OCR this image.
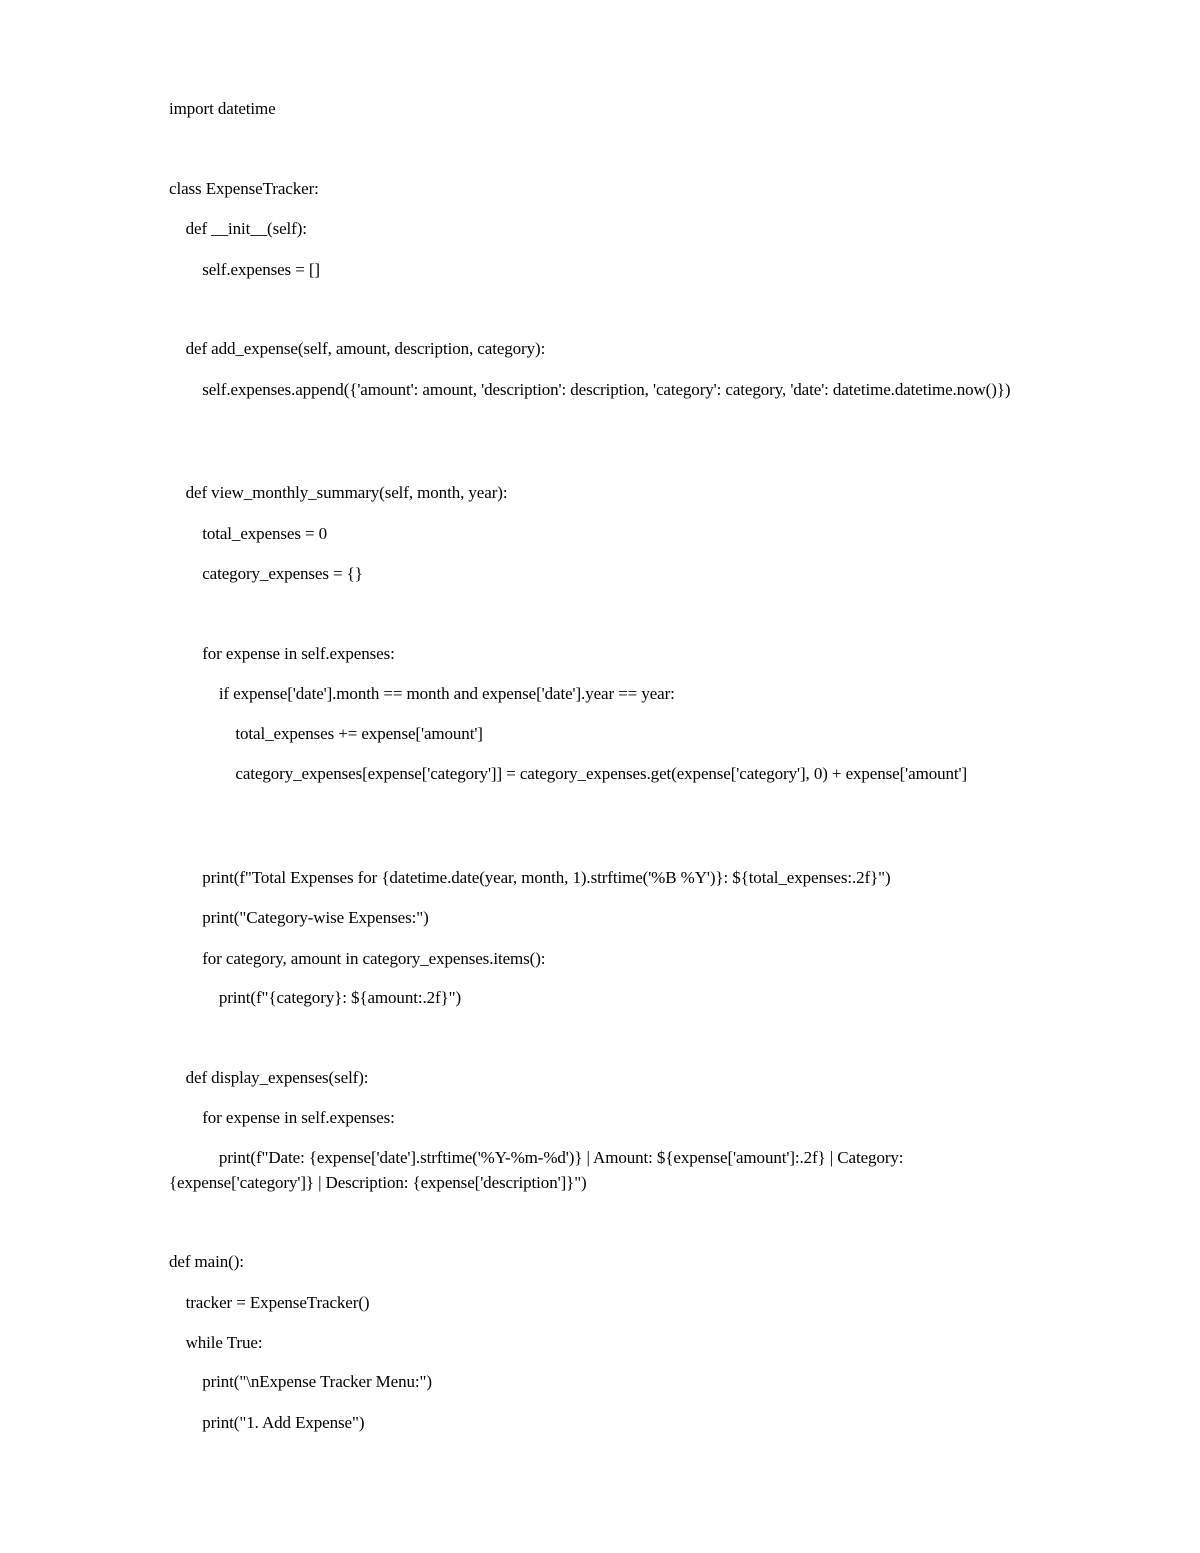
import datetime
class ExpenseTracker:
def __init__(self):
self.expenses = []
def add_expense(self, amount, description, category):
self.expenses.append({'amount': amount, 'description': description, 'category': category, 'date': datetime.datetime.now()})
def view_monthly_summary(self, month, year):
total_expenses = 0
category_expenses = {}
for expense in self.expenses:
if expense['date'].month == month and expense['date'].year == year:
total_expenses += expense['amount']
category_expenses[expense['category']] = category_expenses.get(expense['category'], 0) + expense['amount']
print(f"Total Expenses for {datetime.date(year, month, 1).strftime('%B %Y')}: ${total_expenses:.2f}")
print("Category-wise Expenses:")
for category, amount in category_expenses.items():
print(f"{category}: ${amount:.2f}")
def display_expenses(self):
for expense in self.expenses:
print(f"Date: {expense['date'].strftime('%Y-%m-%d')} | Amount: ${expense['amount']:.2f} | Category: {expense['category']} | Description: {expense['description']}")
def main():
tracker = ExpenseTracker()
while True:
print("\nExpense Tracker Menu:")
print("1. Add Expense")
